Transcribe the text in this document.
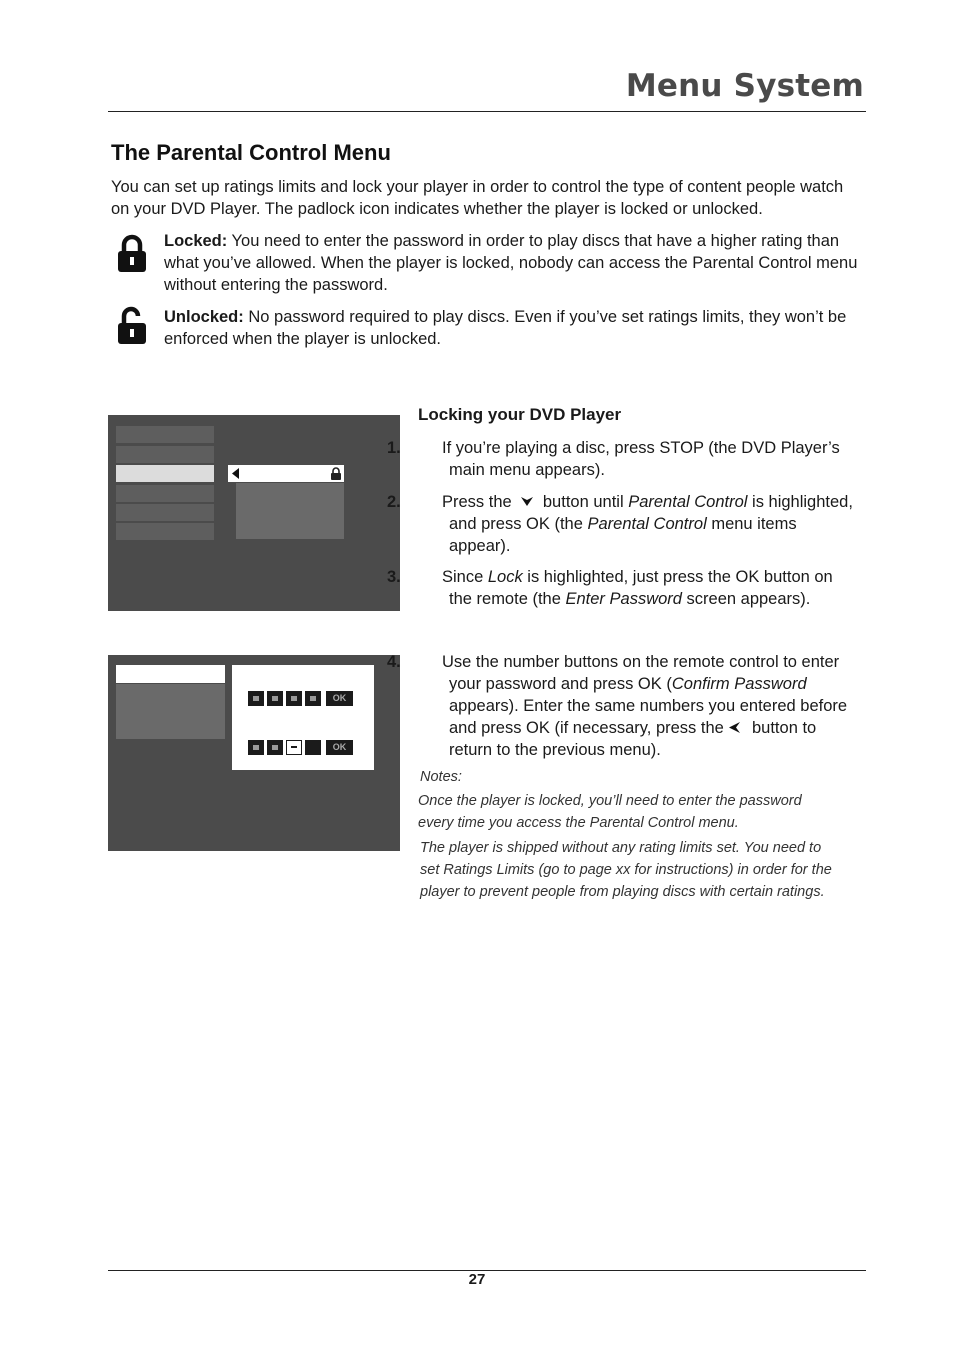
Menu System
The Parental Control Menu
You can set up ratings limits and lock your player in order to control the type of content people watch on your DVD Player. The padlock icon indicates whether the player is locked or unlocked.
Locked: You need to enter the password in order to play discs that have a higher rating than what you’ve allowed. When the player is locked, nobody can access the Parental Control menu without entering the password.
Unlocked: No password required to play discs. Even if you’ve set ratings limits, they won’t be enforced when the player is unlocked.
OK
OK
Locking your DVD Player
1. If you’re playing a disc, press STOP (the DVD Player’s main menu appears).
2. Press the  button until Parental Control is highlighted, and press OK (the Parental Control menu items appear).
3. Since Lock is highlighted, just press the OK button on the remote (the Enter Password screen appears).
4. Use the number buttons on the remote control to enter your password and press OK (Confirm Password appears). Enter the same numbers you entered before and press OK (if necessary, press the  button to return to the previous menu).
Notes:
Once the player is locked, you’ll need to enter the password every time you access the Parental Control menu.
The player is shipped without any rating limits set. You need to set Ratings Limits (go to page xx for instructions) in order for the player to prevent people from playing discs with certain ratings.
27
